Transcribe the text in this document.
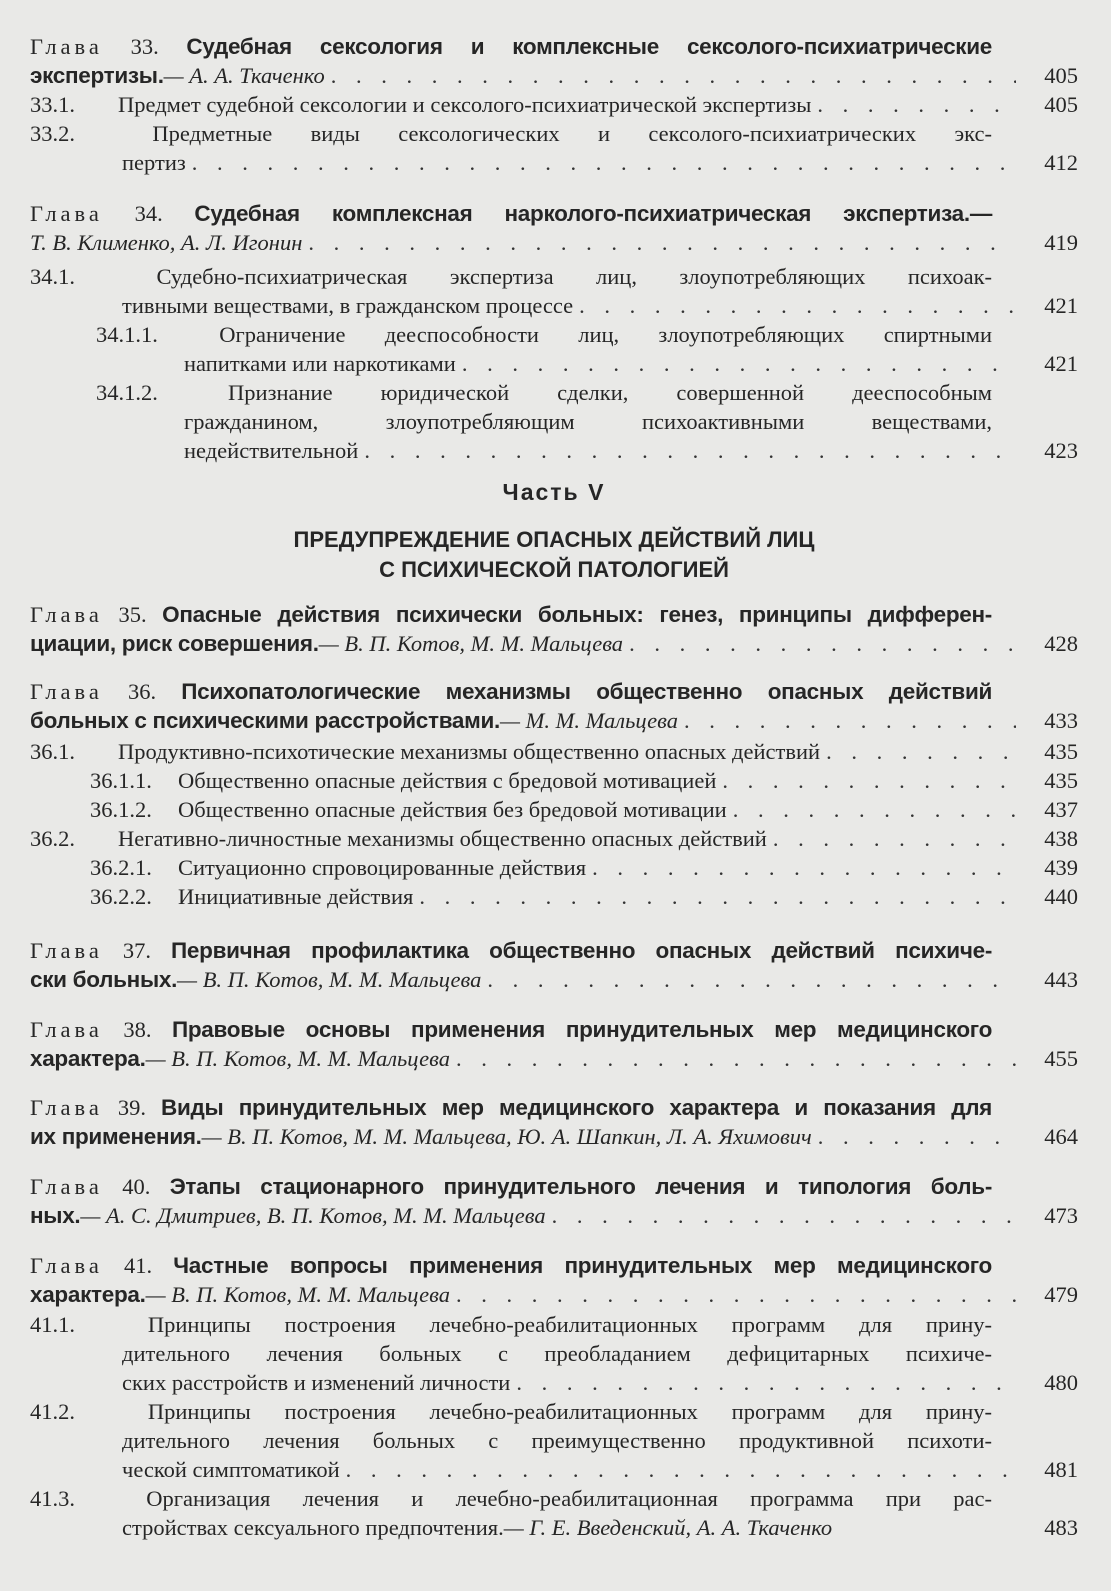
Глава 33. Судебная сексология и комплексные сексолого-психиатрические
экспертизы.— А. А. Ткаченко . . .	405
33.1. Предмет судебной сексологии и сексолого-психиатрической экспертизы . . .	405
33.2.	Предметные виды сексологических и сексолого-психиатрических экс-
пертиз . . .	412
Глава 34. Судебная комплексная нарколого-психиатрическая экспертиза.—
Т. В. Клименко, А. Л. Игонин . . .	419
34.1.	Судебно-психиатрическая экспертиза лиц, злоупотребляющих психоак-
тивными веществами, в гражданском процессе . . .	421
34.1.1.	Ограничение дееспособности лиц, злоупотребляющих спиртными
напитками или наркотиками . . .	421
34.1.2.	Признание юридической сделки, совершенной дееспособным
гражданином, злоупотребляющим психоактивными веществами,
недействительной . . .	423
Часть V
ПРЕДУПРЕЖДЕНИЕ ОПАСНЫХ ДЕЙСТВИЙ ЛИЦ
С ПСИХИЧЕСКОЙ ПАТОЛОГИЕЙ
Глава 35. Опасные действия психически больных: генез, принципы дифферен-
циации, риск совершения.— В. П. Котов, М. М. Мальцева . . .	428
Глава 36. Психопатологические механизмы общественно опасных действий
больных с психическими расстройствами.— М. М. Мальцева . . .	433
36.1. Продуктивно-психотические механизмы общественно опасных действий . . .	435
36.1.1. Общественно опасные действия с бредовой мотивацией . . .	435
36.1.2. Общественно опасные действия без бредовой мотивации . . .	437
36.2. Негативно-личностные механизмы общественно опасных действий . . .	438
36.2.1. Ситуационно спровоцированные действия . . .	439
36.2.2. Инициативные действия . . .	440
Глава 37. Первичная профилактика общественно опасных действий психиче-
ски больных.— В. П. Котов, М. М. Мальцева . . .	443
Глава 38. Правовые основы применения принудительных мер медицинского
характера.— В. П. Котов, М. М. Мальцева . . .	455
Глава 39. Виды принудительных мер медицинского характера и показания для
их применения.— В. П. Котов, М. М. Мальцева, Ю. А. Шапкин, Л. А. Яхимович . . .	464
Глава 40. Этапы стационарного принудительного лечения и типология боль-
ных.— А. С. Дмитриев, В. П. Котов, М. М. Мальцева . . .	473
Глава 41. Частные вопросы применения принудительных мер медицинского
характера.— В. П. Котов, М. М. Мальцева . . .	479
41.1.	Принципы построения лечебно-реабилитационных программ для прину-
дительного лечения больных с преобладанием дефицитарных психиче-
ских расстройств и изменений личности . . .	480
41.2.	Принципы построения лечебно-реабилитационных программ для прину-
дительного лечения больных с преимущественно продуктивной психоти-
ческой симптоматикой . . .	481
41.3.	Организация лечения и лечебно-реабилитационная программа при рас-
стройствах сексуального предпочтения.— Г. Е. Введенский, А. А. Ткаченко	483
